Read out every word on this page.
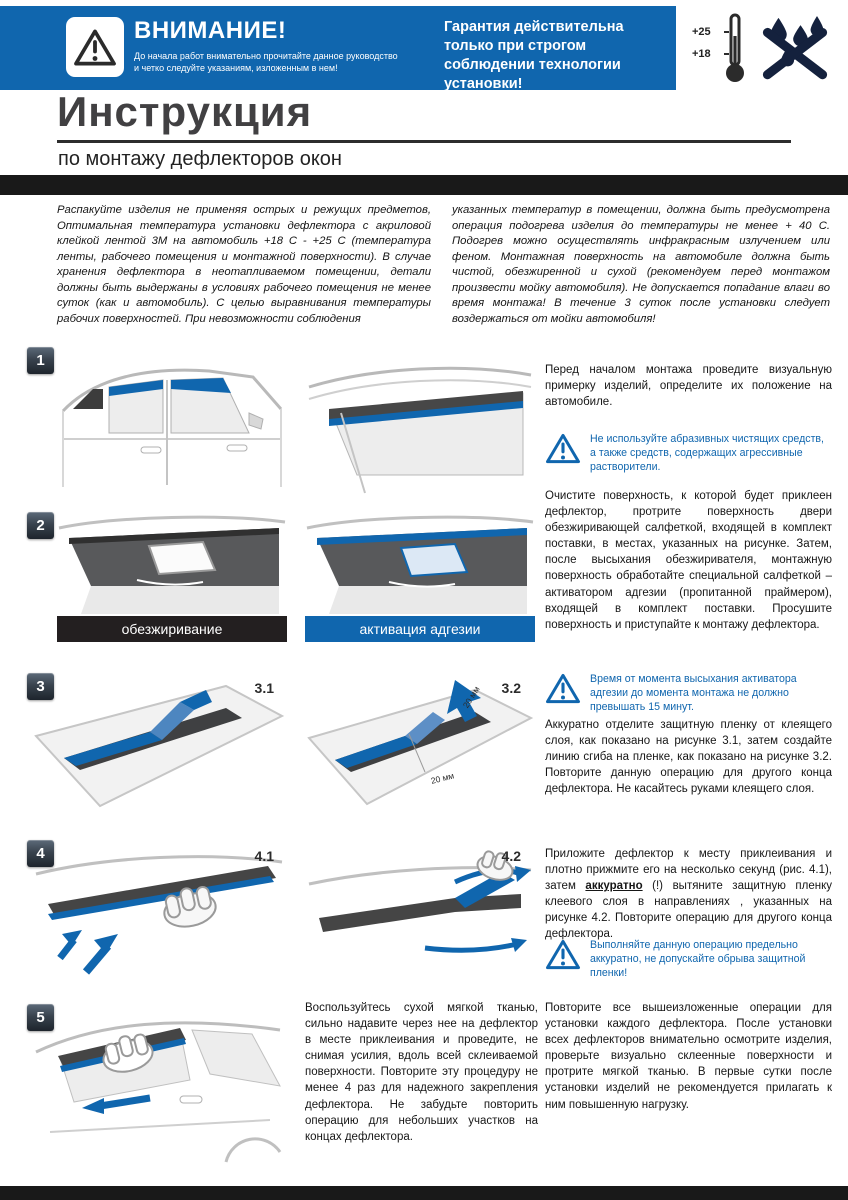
ВНИМАНИЕ!
До начала работ внимательно прочитайте данное руководство и четко следуйте указаниям, изложенным в нем!
Гарантия действительна только при строгом соблюдении технологии установки!
+25
+18
Инструкция
по монтажу дефлекторов окон
Распакуйте изделия не применяя острых и режущих предметов, Оптимальная температура установки дефлектора с акриловой клейкой лентой 3М на автомобиль +18 С - +25 С (температура ленты, рабочего помещения и монтажной поверхности). В случае хранения дефлектора в неотапливаемом помещении, детали должны быть выдержаны в условиях рабочего помещения не менее суток (как и автомобиль). С целью выравнивания температуры рабочих поверхностей. При невозможности соблюдения
указанных температур в помещении, должна быть предусмотрена операция подогрева изделия до температуры не менее + 40 С. Подогрев можно осуществлять инфракрасным излучением или феном. Монтажная поверхность на автомобиле должна быть чистой, обезжиренной и сухой (рекомендуем перед монтажом произвести мойку автомобиля). Не допускается попадание влаги во время монтажа! В течение 3 суток после установки следует воздержаться от мойки автомобиля!
1
Перед началом монтажа проведите визуальную примерку изделий, определите их положение на автомобиле.
Не используйте абразивных чистящих средств, а также средств, содержащих агрессивные растворители.
2
обезжиривание	активация адгезии
Очистите поверхность, к которой будет приклеен дефлектор, протрите поверхность двери обезжиривающей салфеткой, входящей в комплект поставки, в местах, указанных на рисунке. Затем, после высыхания обезжиривателя, монтажную поверхность обработайте специальной салфеткой – активатором адгезии (пропитанной праймером), входящей в комплект поставки. Просушите поверхность и приступайте к монтажу дефлектора.
3	3.1	3.2
20 мм
20 мм
Время от момента высыхания активатора адгезии до момента монтажа не должно превышать 15 минут.
Аккуратно отделите защитную пленку от клеящего слоя, как показано на рисунке 3.1, затем создайте линию сгиба на пленке, как показано на рисунке 3.2. Повторите данную операцию для другого конца дефлектора. Не касайтесь руками клеящего слоя.
4	4.1	4.2 Приложите дефлектор к месту приклеивания и плотно прижмите его на несколько секунд (рис. 4.1), затем аккуратно (!) вытяните защитную пленку клеевого слоя в направлениях , указанных на рисунке 4.2. Повторите операцию для другого конца дефлектора.
Выполняйте данную операцию предельно аккуратно, не допускайте обрыва защитной пленки!
5
Воспользуйтесь сухой мягкой тканью, сильно надавите через нее на дефлектор в месте приклеивания и проведите, не снимая усилия, вдоль всей склеиваемой поверхности. Повторите эту процедуру не менее 4 раз для надежного закрепления дефлектора. Не забудьте повторить операцию для небольших участков на концах дефлектора.
Повторите все вышеизложенные операции для установки каждого дефлектора. После установки всех дефлекторов внимательно осмотрите изделия, проверьте визуально склеенные поверхности и протрите мягкой тканью. В первые сутки после установки изделий не рекомендуется прилагать к ним повышенную нагрузку.
